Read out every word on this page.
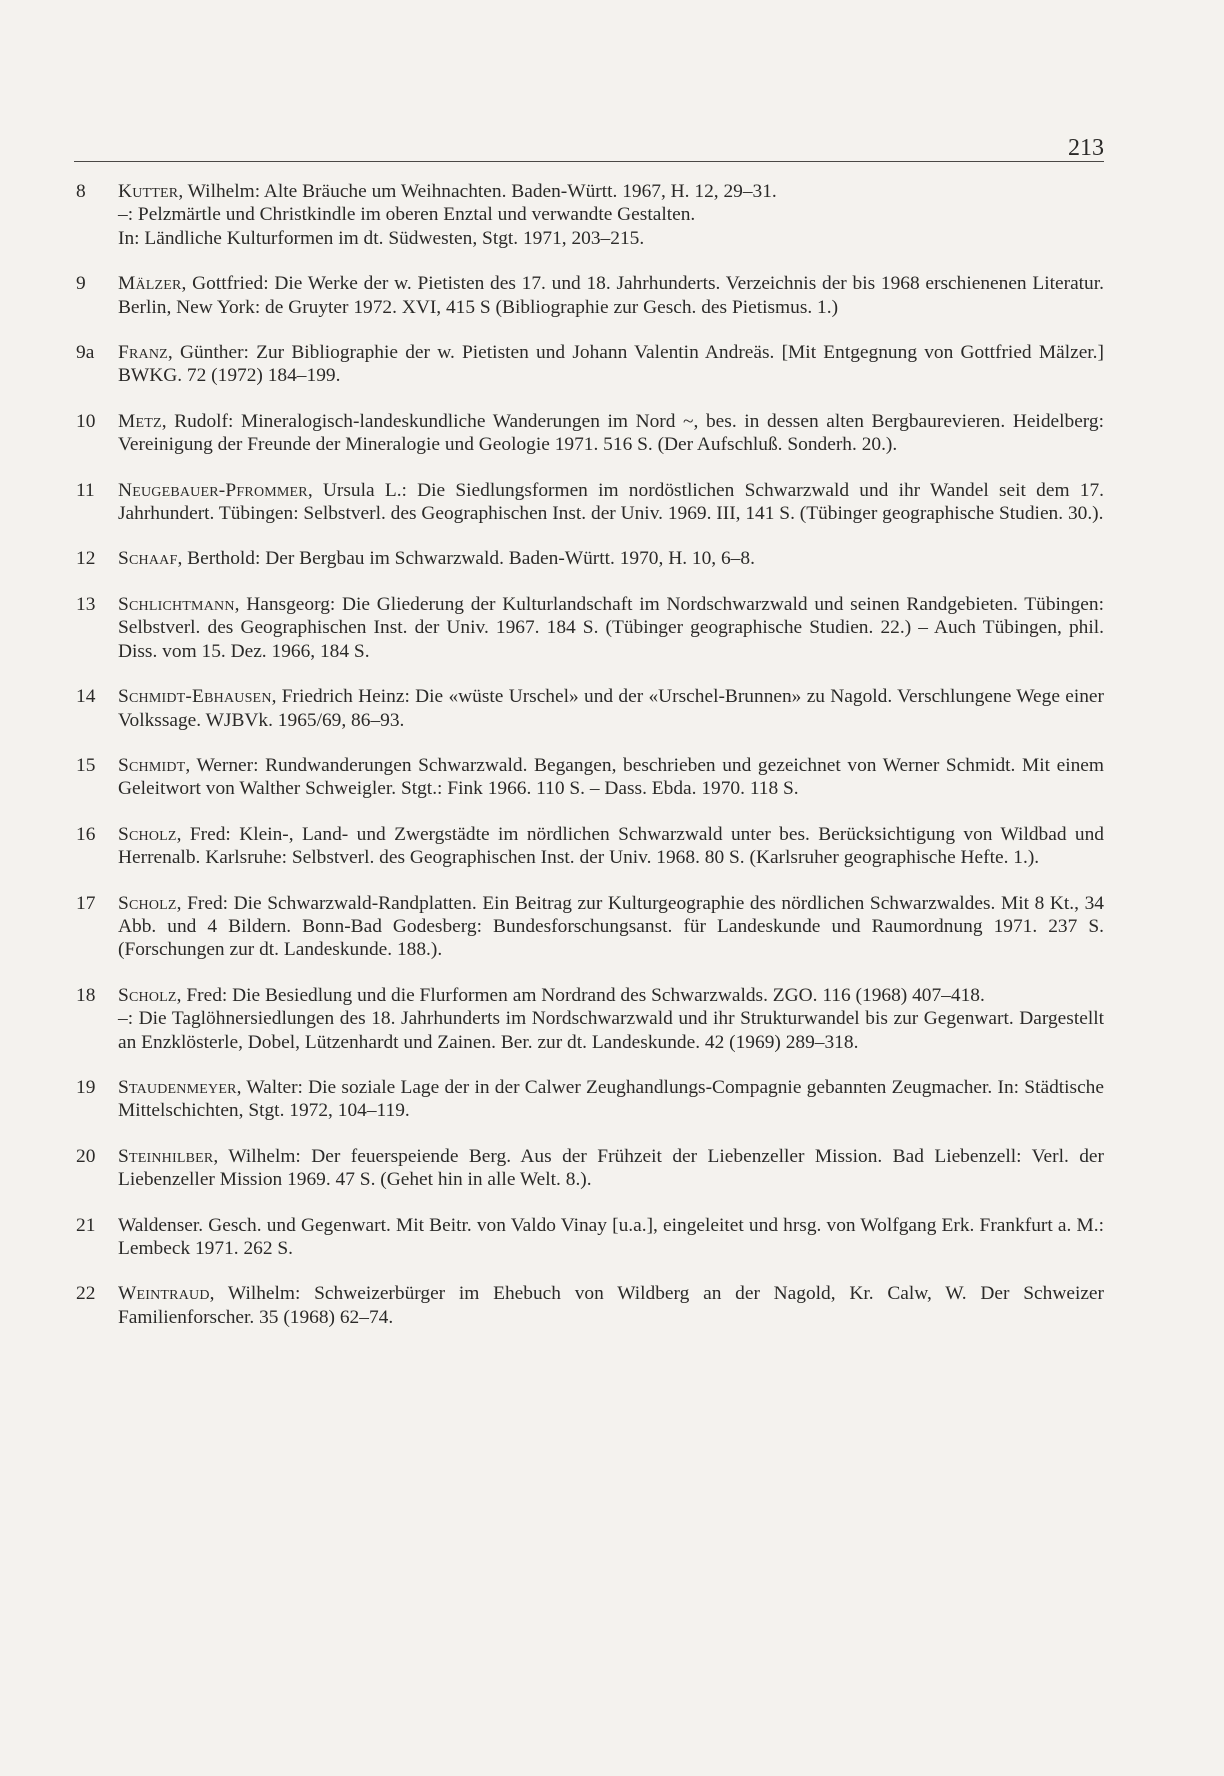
213
8	Kutter, Wilhelm: Alte Bräuche um Weihnachten. Baden-Württ. 1967, H. 12, 29–31.
–: Pelzmärtle und Christkindle im oberen Enztal und verwandte Gestalten.
In: Ländliche Kulturformen im dt. Südwesten, Stgt. 1971, 203–215.
9	Mälzer, Gottfried: Die Werke der w. Pietisten des 17. und 18. Jahrhunderts. Verzeichnis der bis 1968 erschienenen Literatur. Berlin, New York: de Gruyter 1972. XVI, 415 S (Bibliographie zur Gesch. des Pietismus. 1.)
9a	Franz, Günther: Zur Bibliographie der w. Pietisten und Johann Valentin Andreäs. [Mit Entgegnung von Gottfried Mälzer.] BWKG. 72 (1972) 184–199.
10	Metz, Rudolf: Mineralogisch-landeskundliche Wanderungen im Nord ~, bes. in dessen alten Bergbaurevieren. Heidelberg: Vereinigung der Freunde der Mineralogie und Geologie 1971. 516 S. (Der Aufschluß. Sonderh. 20.).
11	Neugebauer-Pfrommer, Ursula L.: Die Siedlungsformen im nordöstlichen Schwarzwald und ihr Wandel seit dem 17. Jahrhundert. Tübingen: Selbstverl. des Geographischen Inst. der Univ. 1969. III, 141 S. (Tübinger geographische Studien. 30.).
12	Schaaf, Berthold: Der Bergbau im Schwarzwald. Baden-Württ. 1970, H. 10, 6–8.
13	Schlichtmann, Hansgeorg: Die Gliederung der Kulturlandschaft im Nordschwarzwald und seinen Randgebieten. Tübingen: Selbstverl. des Geographischen Inst. der Univ. 1967. 184 S. (Tübinger geographische Studien. 22.) – Auch Tübingen, phil. Diss. vom 15. Dez. 1966, 184 S.
14	Schmidt-Ebhausen, Friedrich Heinz: Die «wüste Urschel» und der «Urschel-Brunnen» zu Nagold. Verschlungene Wege einer Volkssage. WJBVk. 1965/69, 86–93.
15	Schmidt, Werner: Rundwanderungen Schwarzwald. Begangen, beschrieben und gezeichnet von Werner Schmidt. Mit einem Geleitwort von Walther Schweigler. Stgt.: Fink 1966. 110 S. – Dass. Ebda. 1970. 118 S.
16	Scholz, Fred: Klein-, Land- und Zwergstädte im nördlichen Schwarzwald unter bes. Berücksichtigung von Wildbad und Herrenalb. Karlsruhe: Selbstverl. des Geographischen Inst. der Univ. 1968. 80 S. (Karlsruher geographische Hefte. 1.).
17	Scholz, Fred: Die Schwarzwald-Randplatten. Ein Beitrag zur Kulturgeographie des nördlichen Schwarzwaldes. Mit 8 Kt., 34 Abb. und 4 Bildern. Bonn-Bad Godesberg: Bundesforschungsanst. für Landeskunde und Raumordnung 1971. 237 S. (Forschungen zur dt. Landeskunde. 188.).
18	Scholz, Fred: Die Besiedlung und die Flurformen am Nordrand des Schwarzwalds. ZGO. 116 (1968) 407–418.
–: Die Taglöhnersiedlungen des 18. Jahrhunderts im Nordschwarzwald und ihr Strukturwandel bis zur Gegenwart. Dargestellt an Enzklösterle, Dobel, Lützenhardt und Zainen. Ber. zur dt. Landeskunde. 42 (1969) 289–318.
19	Staudenmeyer, Walter: Die soziale Lage der in der Calwer Zeughandlungs-Compagnie gebannten Zeugmacher. In: Städtische Mittelschichten, Stgt. 1972, 104–119.
20	Steinhilber, Wilhelm: Der feuerspeiende Berg. Aus der Frühzeit der Liebenzeller Mission. Bad Liebenzell: Verl. der Liebenzeller Mission 1969. 47 S. (Gehet hin in alle Welt. 8.).
21	Waldenser. Gesch. und Gegenwart. Mit Beitr. von Valdo Vinay [u.a.], eingeleitet und hrsg. von Wolfgang Erk. Frankfurt a. M.: Lembeck 1971. 262 S.
22	Weintraud, Wilhelm: Schweizerbürger im Ehebuch von Wildberg an der Nagold, Kr. Calw, W. Der Schweizer Familienforscher. 35 (1968) 62–74.
